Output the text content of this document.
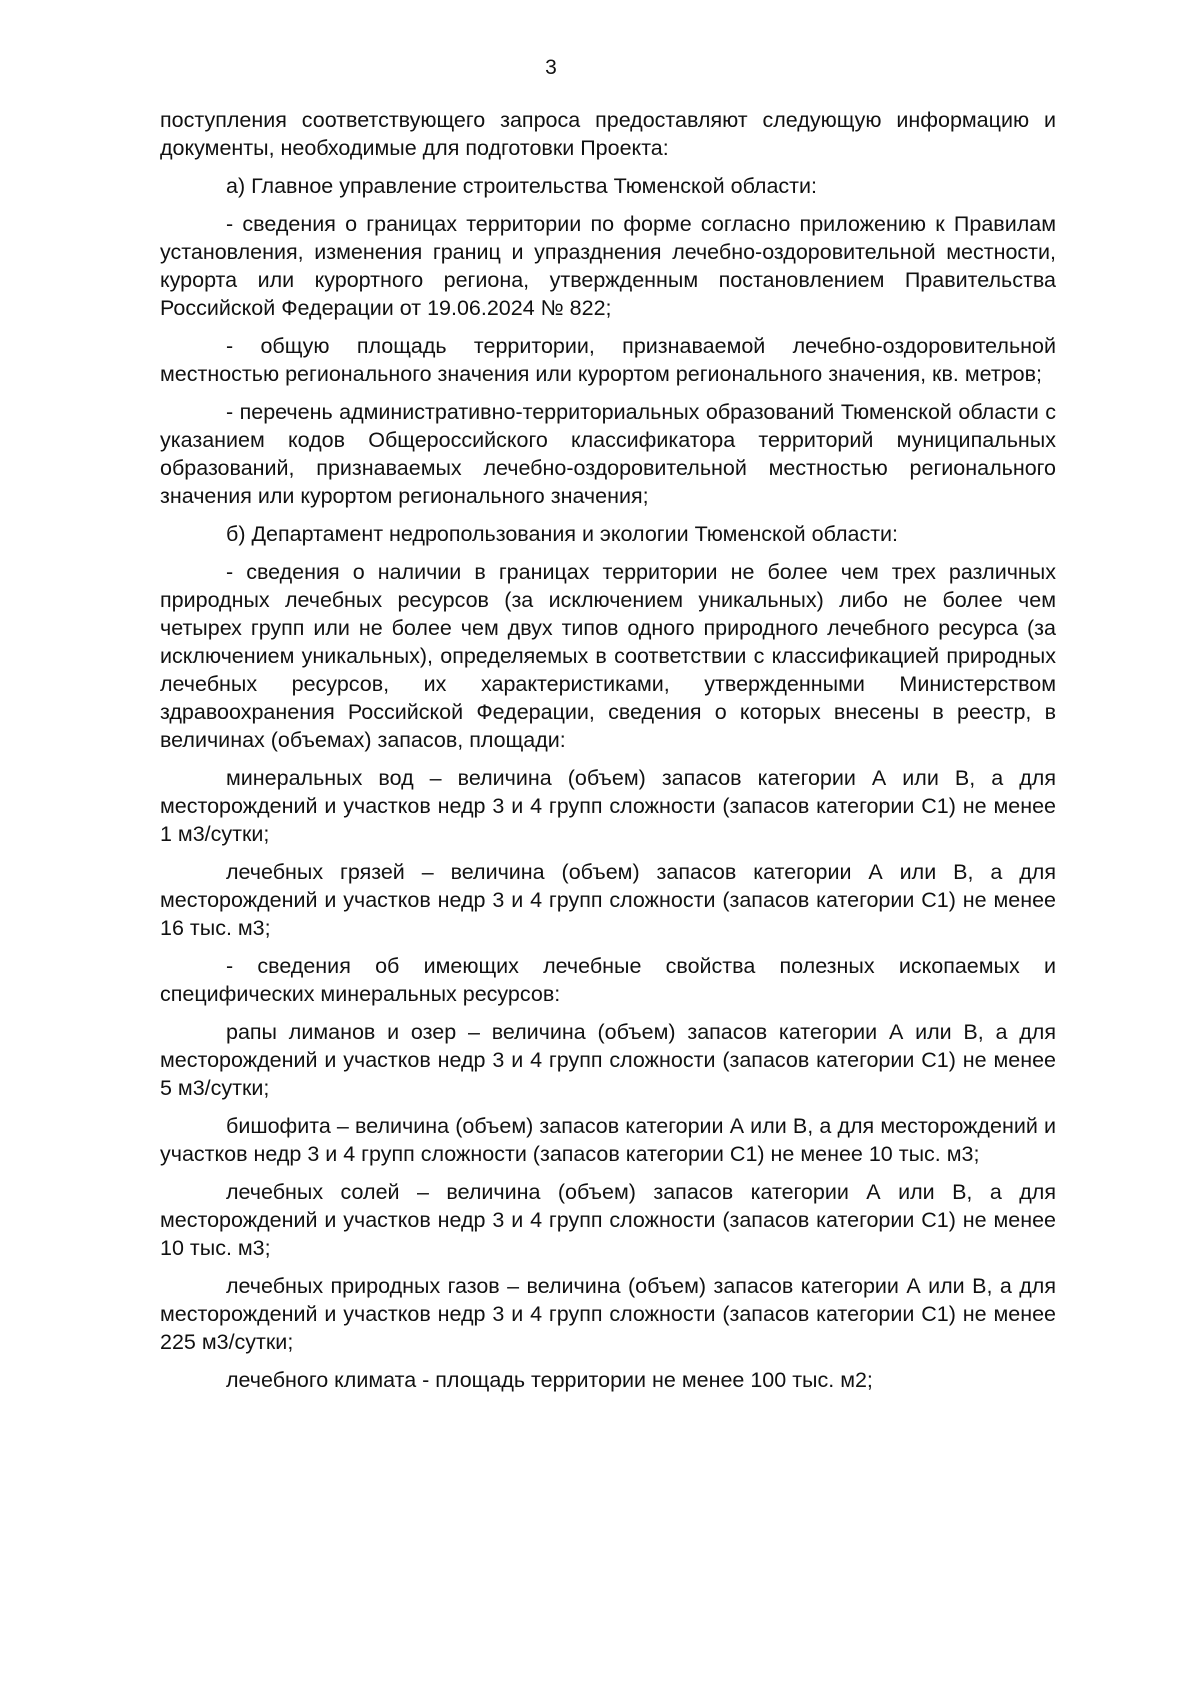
3

поступления соответствующего запроса предоставляют следующую информацию и документы, необходимые для подготовки Проекта:

а) Главное управление строительства Тюменской области:

- сведения о границах территории по форме согласно приложению к Правилам установления, изменения границ и упразднения лечебно-оздоровительной местности, курорта или курортного региона, утвержденным постановлением Правительства Российской Федерации от 19.06.2024 № 822;

- общую площадь территории, признаваемой лечебно-оздоровительной местностью регионального значения или курортом регионального значения, кв. метров;

- перечень административно-территориальных образований Тюменской области с указанием кодов Общероссийского классификатора территорий муниципальных образований, признаваемых лечебно-оздоровительной местностью регионального значения или курортом регионального значения;

б) Департамент недропользования и экологии Тюменской области:

- сведения о наличии в границах территории не более чем трех различных природных лечебных ресурсов (за исключением уникальных) либо не более чем четырех групп или не более чем двух типов одного природного лечебного ресурса (за исключением уникальных), определяемых в соответствии с классификацией природных лечебных ресурсов, их характеристиками, утвержденными Министерством здравоохранения Российской Федерации, сведения о которых внесены в реестр, в величинах (объемах) запасов, площади:

минеральных вод – величина (объем) запасов категории А или В, а для месторождений и участков недр 3 и 4 групп сложности (запасов категории С1) не менее 1 м3/сутки;

лечебных грязей – величина (объем) запасов категории А или В, а для месторождений и участков недр 3 и 4 групп сложности (запасов категории С1) не менее 16 тыс. м3;

- сведения об имеющих лечебные свойства полезных ископаемых и специфических минеральных ресурсов:

рапы лиманов и озер – величина (объем) запасов категории А или В, а для месторождений и участков недр 3 и 4 групп сложности (запасов категории С1) не менее 5 м3/сутки;

бишофита – величина (объем) запасов категории А или В, а для месторождений и участков недр 3 и 4 групп сложности (запасов категории С1) не менее 10 тыс. м3;

лечебных солей – величина (объем) запасов категории А или В, а для месторождений и участков недр 3 и 4 групп сложности (запасов категории С1) не менее 10 тыс. м3;

лечебных природных газов – величина (объем) запасов категории А или В, а для месторождений и участков недр 3 и 4 групп сложности (запасов категории С1) не менее 225 м3/сутки;

лечебного климата - площадь территории не менее 100 тыс. м2;
